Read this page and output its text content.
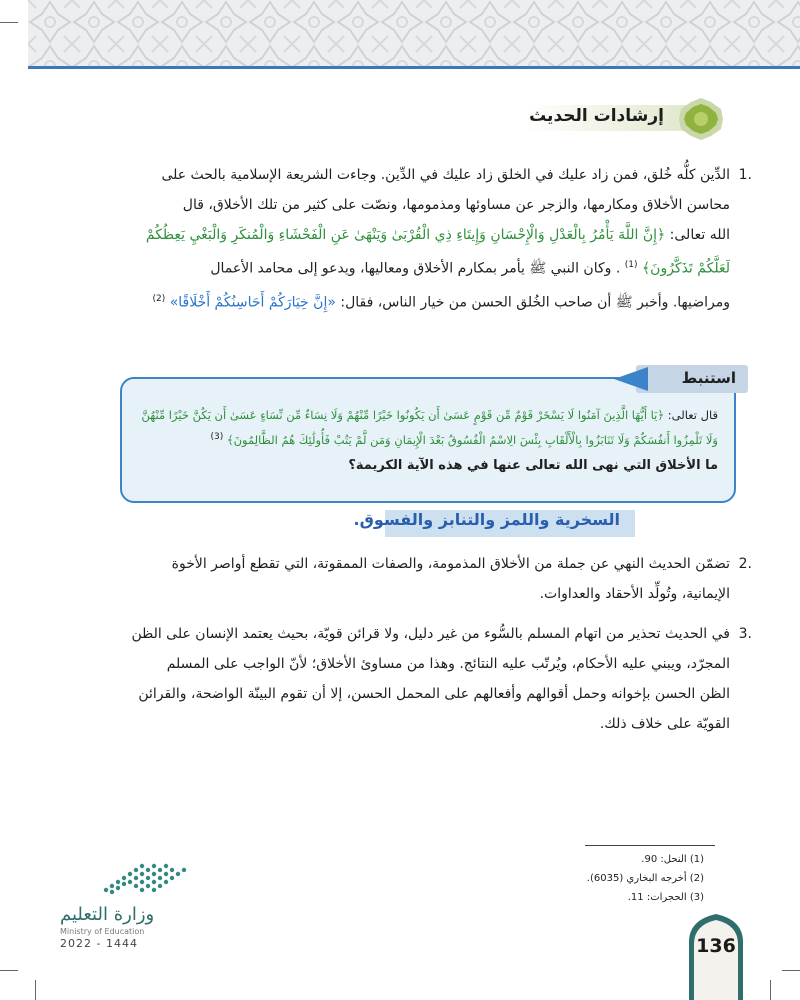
إرشادات الحديث
.1
الدِّين كلُّه خُلق، فمن زاد عليك في الخلق زاد عليك في الدِّين. وجاءت الشريعة الإسلامية بالحث على
محاسن الأخلاق ومكارمها، والزجر عن مساوئها ومذمومها، ونصّت على كثير من تلك الأخلاق، قال
الله تعالى: ﴿إِنَّ اللَّهَ يَأْمُرُ بِالْعَدْلِ وَالْإِحْسَانِ وَإِيتَاءِ ذِي الْقُرْبَىٰ وَيَنْهَىٰ عَنِ الْفَحْشَاءِ وَالْمُنكَرِ وَالْبَغْيِ يَعِظُكُمْ
لَعَلَّكُمْ تَذَكَّرُونَ﴾ $^{(1)}$ . وكان النبي ﷺ يأمر بمكارم الأخلاق ومعاليها، ويدعو إلى محامد الأعمال
ومراضيها. وأخبر ﷺ أن صاحب الخُلق الحسن من خيار الناس، فقال: «إِنَّ خِيَارَكُمْ أَحَاسِنُكُمْ أَخْلَاقًا» $^{(2)}$
استنبط
قال تعالى: ﴿يَا أَيُّهَا الَّذِينَ آمَنُوا لَا يَسْخَرْ قَوْمٌ مِّن قَوْمٍ عَسَىٰ أَن يَكُونُوا خَيْرًا مِّنْهُمْ وَلَا نِسَاءٌ مِّن نِّسَاءٍ عَسَىٰ أَن يَكُنَّ خَيْرًا مِّنْهُنَّ
وَلَا تَلْمِزُوا أَنفُسَكُمْ وَلَا تَنَابَزُوا بِالْأَلْقَابِ بِئْسَ الِاسْمُ الْفُسُوقُ بَعْدَ الْإِيمَانِ وَمَن لَّمْ يَتُبْ فَأُولَٰئِكَ هُمُ الظَّالِمُونَ﴾ $^{(3)}$
ما الأخلاق التي نهى الله تعالى عنها في هذه الآية الكريمة؟
السخرية واللمز والتنابز والفسوق.
.2
تضمّن الحديث النهي عن جملة من الأخلاق المذمومة، والصفات الممقوتة، التي تقطع أواصر الأخوة
الإيمانية، وتُولِّد الأحقاد والعداوات.
.3
في الحديث تحذير من اتهام المسلم بالسُّوء من غير دليل، ولا قرائن قويّة، بحيث يعتمد الإنسان على الظن
المجرّد، ويبني عليه الأحكام، ويُرتّب عليه النتائج. وهذا من مساوئ الأخلاق؛ لأنّ الواجب على المسلم
الظن الحسن بإخوانه وحمل أقوالهم وأفعالهم على المحمل الحسن، إلا أن تقوم البينّة الواضحة، والقرائن
القويّة على خلاف ذلك.
(1) النحل: 90.
(2) أخرجه البخاري (6035).
(3) الحجرات: 11.
وزارة التعليم
Ministry of Education
2022 - 1444	136
